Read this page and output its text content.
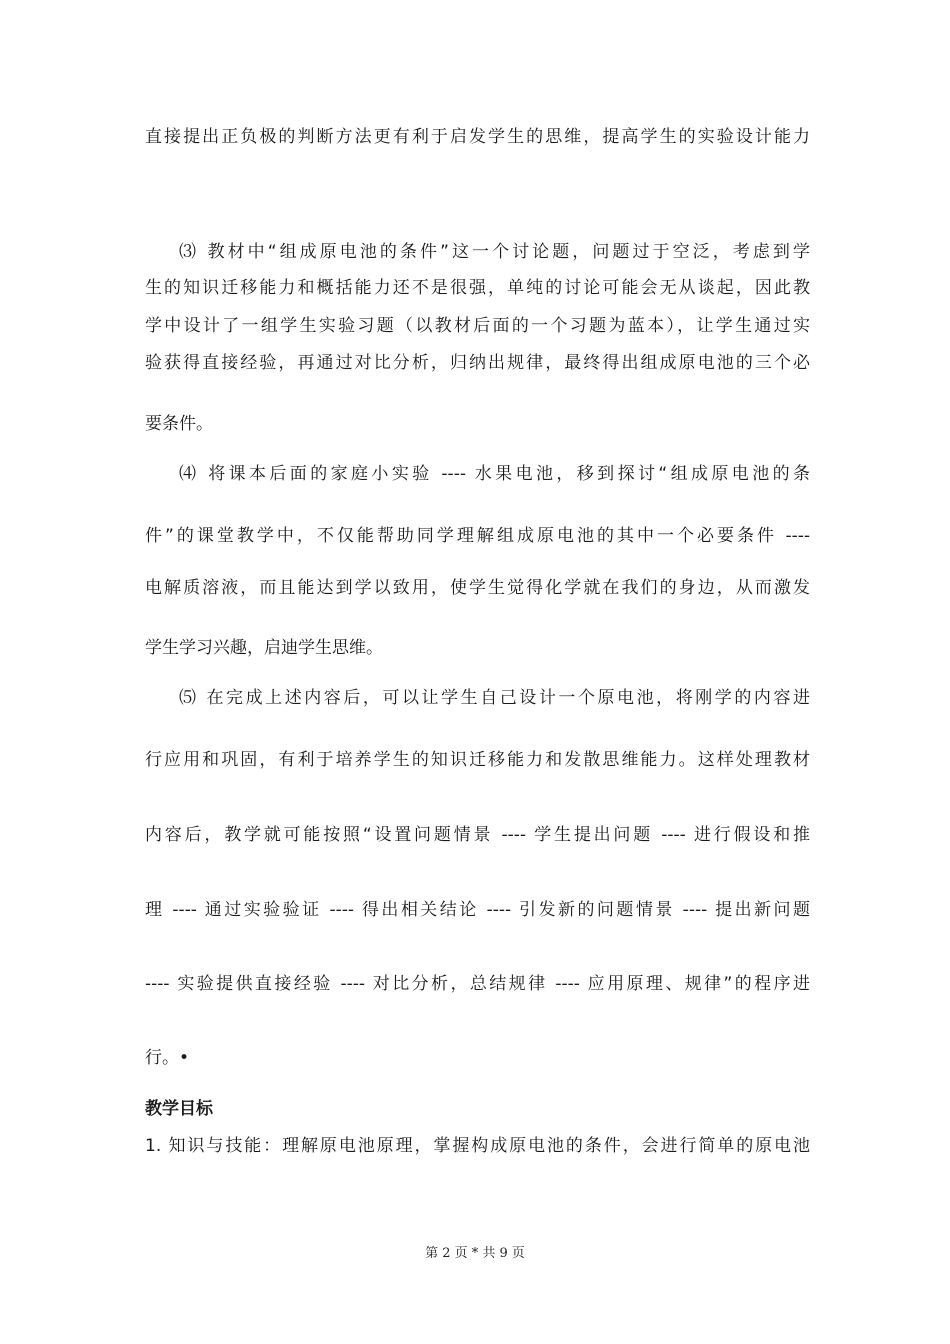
直接提出正负极的判断方法更有利于启发学生的思维，提高学生的实验设计能力
⑶ 教材中“组成原电池的条件”这一个讨论题，问题过于空泛，考虑到学
生的知识迁移能力和概括能力还不是很强，单纯的讨论可能会无从谈起，因此教
学中设计了一组学生实验习题（以教材后面的一个习题为蓝本），让学生通过实
验获得直接经验，再通过对比分析，归纳出规律，最终得出组成原电池的三个必
要条件。
⑷ 将课本后面的家庭小实验 ---- 水果电池，移到探讨“组成原电池的条
件”的课堂教学中，不仅能帮助同学理解组成原电池的其中一个必要条件 ----
电解质溶液，而且能达到学以致用，使学生觉得化学就在我们的身边，从而激发
学生学习兴趣，启迪学生思维。
⑸ 在完成上述内容后，可以让学生自己设计一个原电池，将刚学的内容进
行应用和巩固，有利于培养学生的知识迁移能力和发散思维能力。这样处理教材
内容后，教学就可能按照“设置问题情景 ---- 学生提出问题 ---- 进行假设和推
理 ---- 通过实验验证 ---- 得出相关结论 ---- 引发新的问题情景 ---- 提出新问题
---- 实验提供直接经验 ---- 对比分析，总结规律 ---- 应用原理、规律”的程序进
行。•
教学目标
1. 知识与技能：理解原电池原理，掌握构成原电池的条件，会进行简单的原电池
第 2 页 * 共 9 页
